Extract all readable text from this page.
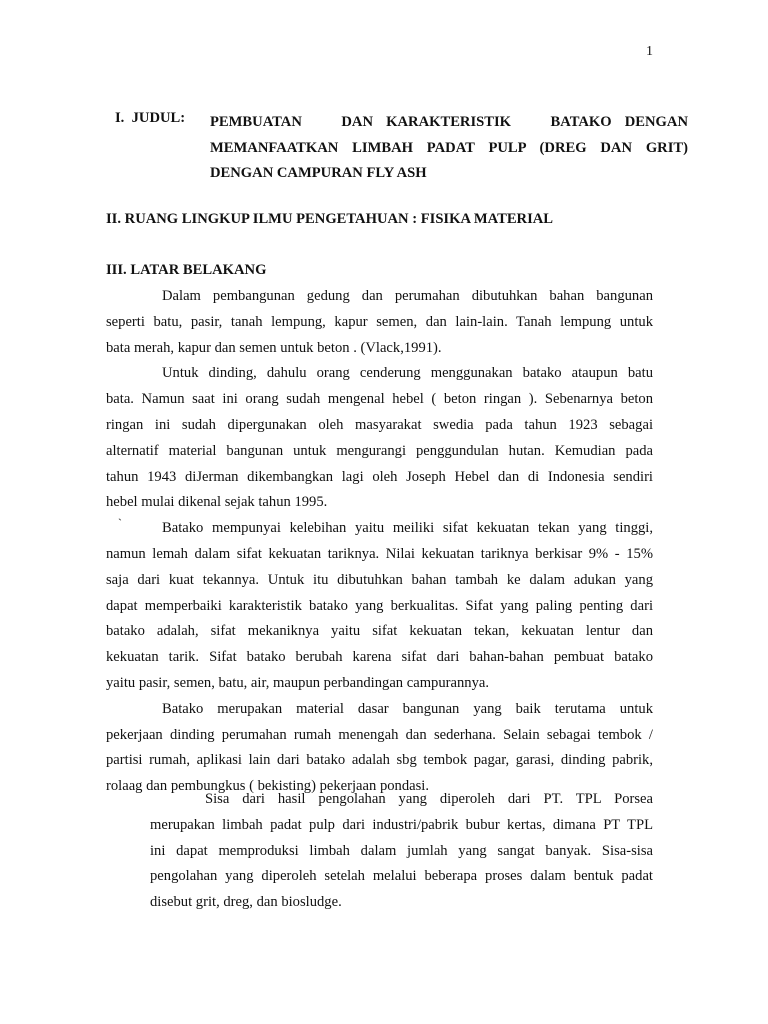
1
I.  JUDUL:	PEMBUATAN   DAN KARAKTERISTIK   BATAKO DENGAN
MEMANFAATKAN LIMBAH PADAT PULP (DREG DAN GRIT)
DENGAN CAMPURAN FLY ASH
II. RUANG LINGKUP ILMU PENGETAHUAN : FISIKA MATERIAL
III. LATAR BELAKANG
`

Dalam pembangunan gedung dan perumahan dibutuhkan bahan bangunan
seperti batu, pasir, tanah lempung, kapur semen, dan lain-lain. Tanah lempung untuk
bata merah, kapur dan semen untuk beton . (Vlack,1991).

Untuk dinding, dahulu orang cenderung menggunakan batako ataupun batu
bata. Namun saat ini orang sudah mengenal hebel ( beton ringan ). Sebenarnya beton
ringan ini sudah dipergunakan oleh masyarakat swedia pada tahun 1923 sebagai
alternatif material bangunan untuk mengurangi penggundulan hutan. Kemudian pada
tahun 1943 diJerman dikembangkan lagi oleh Joseph Hebel dan di Indonesia sendiri
hebel mulai dikenal sejak tahun 1995.

Batako mempunyai kelebihan yaitu meiliki sifat kekuatan tekan yang tinggi,
namun lemah dalam sifat kekuatan tariknya. Nilai kekuatan tariknya berkisar 9% - 15%
saja dari kuat tekannya. Untuk itu dibutuhkan bahan tambah ke dalam adukan yang
dapat memperbaiki karakteristik batako yang berkualitas. Sifat yang paling penting dari
batako adalah, sifat mekaniknya yaitu sifat kekuatan tekan, kekuatan lentur dan
kekuatan tarik. Sifat batako berubah karena sifat dari bahan-bahan pembuat batako
yaitu pasir, semen, batu, air, maupun perbandingan campurannya.

Batako merupakan material dasar bangunan yang baik terutama untuk
pekerjaan dinding perumahan rumah menengah dan sederhana. Selain sebagai tembok /
partisi rumah, aplikasi lain dari batako adalah sbg tembok pagar, garasi, dinding pabrik,
rolaag dan pembungkus ( bekisting) pekerjaan pondasi.

Sisa dari hasil pengolahan yang diperoleh dari PT. TPL Porsea
merupakan limbah padat pulp dari industri/pabrik bubur kertas, dimana PT TPL
ini dapat memproduksi limbah dalam jumlah yang sangat banyak. Sisa-sisa
pengolahan yang diperoleh setelah melalui beberapa proses dalam bentuk padat
disebut grit, dreg, dan biosludge.
